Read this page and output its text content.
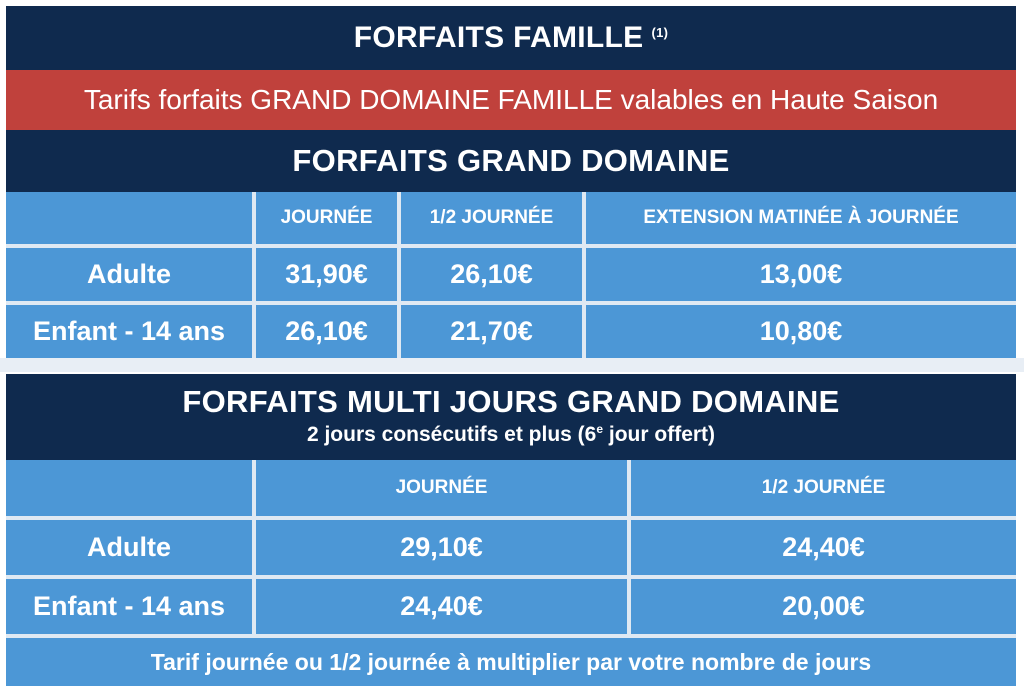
FORFAITS FAMILLE $^{(1)}$
Tarifs forfaits GRAND DOMAINE FAMILLE valables en Haute Saison
FORFAITS GRAND DOMAINE
	JOURNÉE	1/2 JOURNÉE	EXTENSION MATINÉE À JOURNÉE
Adulte	31,90€	26,10€	13,00€
Enfant - 14 ans	26,10€	21,70€	10,80€
FORFAITS MULTI JOURS GRAND DOMAINE
2 jours consécutifs et plus (6e jour offert)
	JOURNÉE	1/2 JOURNÉE
Adulte	29,10€	24,40€
Enfant - 14 ans	24,40€	20,00€
Tarif journée ou 1/2 journée à multiplier par votre nombre de jours
